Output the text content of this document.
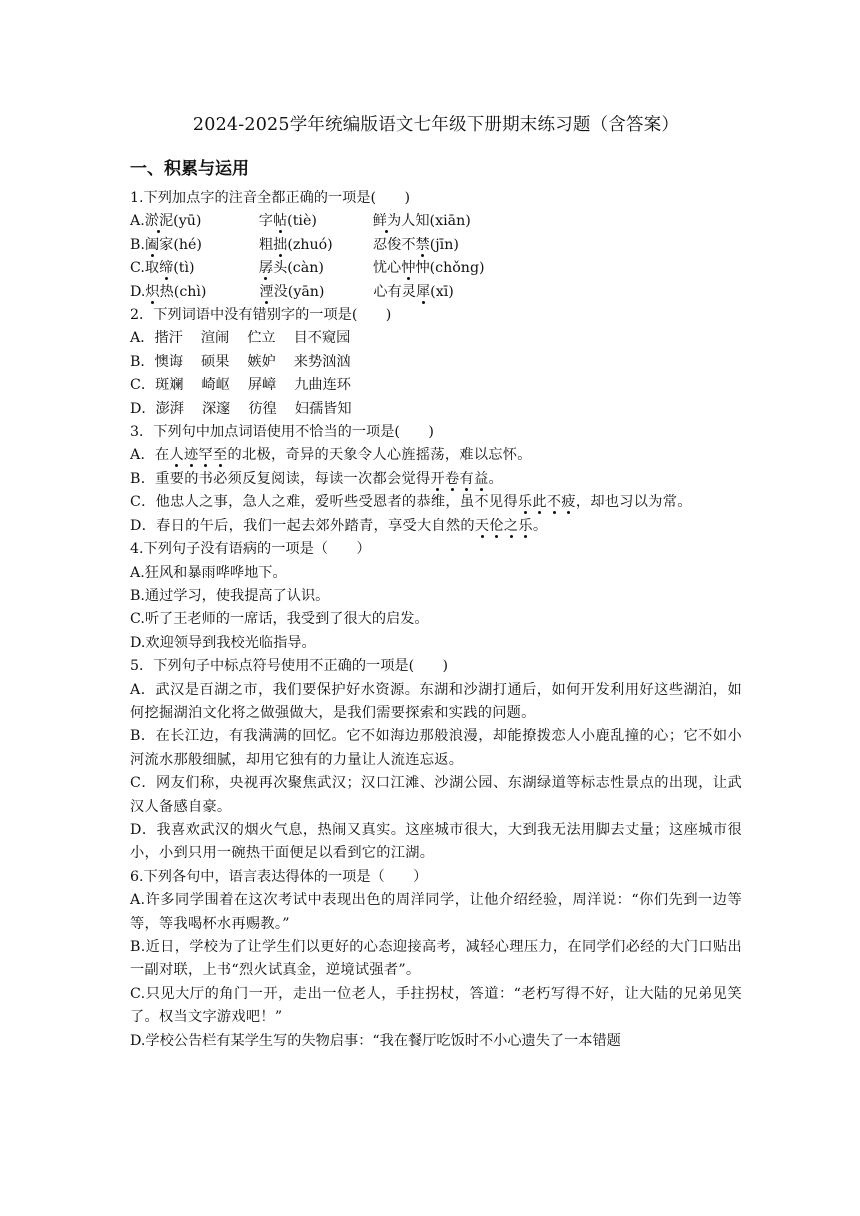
2024-2025学年统编版语文七年级下册期末练习题（含答案）
一、积累与运用
1.下列加点字的注音全都正确的一项是(　　)
A.淤泥(yū)	字帖(tiè)	鲜为人知(xiān)
B.阖家(hé)	粗拙(zhuó)	忍俊不禁(jīn)
C.取缔(tì)	孱头(càn)	忧心忡忡(chǒng)
D.炽热(chì)	湮没(yān)	心有灵犀(xī)
2．下列词语中没有错别字的一项是(　　)
A．揩汗 渲闹 伫立 目不窥园
B．懊诲 硕果 嫉妒 来势汹汹
C．斑斓 崎岖 屏嶂 九曲连环
D．澎湃 深邃 彷徨 妇孺皆知
3．下列句中加点词语使用不恰当的一项是(　　)
A．在人迹罕至的北极，奇异的天象令人心旌摇荡，难以忘怀。
B．重要的书必须反复阅读，每读一次都会觉得开卷有益。
C．他忠人之事，急人之难，爱听些受恩者的恭维，虽不见得乐此不疲，却也习以为常。
D．春日的午后，我们一起去郊外踏青，享受大自然的天伦之乐。
4.下列句子没有语病的一项是（　　）
A.狂风和暴雨哗哗地下。
B.通过学习，使我提高了认识。
C.听了王老师的一席话，我受到了很大的启发。
D.欢迎领导到我校光临指导。
5．下列句子中标点符号使用不正确的一项是(　　)
A．武汉是百湖之市，我们要保护好水资源。东湖和沙湖打通后，如何开发利用好这些湖泊，如何挖掘湖泊文化将之做强做大，是我们需要探索和实践的问题。
B．在长江边，有我满满的回忆。它不如海边那般浪漫，却能撩拨恋人小鹿乱撞的心；它不如小河流水那般细腻，却用它独有的力量让人流连忘返。
C．网友们称，央视再次聚焦武汉；汉口江滩、沙湖公园、东湖绿道等标志性景点的出现，让武汉人备感自豪。
D．我喜欢武汉的烟火气息，热闹又真实。这座城市很大，大到我无法用脚去丈量；这座城市很小，小到只用一碗热干面便足以看到它的江湖。
6.下列各句中，语言表达得体的一项是（　　）
A.许多同学围着在这次考试中表现出色的周洋同学，让他介绍经验，周洋说：“你们先到一边等等，等我喝杯水再赐教。”
B.近日，学校为了让学生们以更好的心态迎接高考，减轻心理压力，在同学们必经的大门口贴出一副对联，上书“烈火试真金，逆境试强者”。
C.只见大厅的角门一开，走出一位老人，手拄拐杖，答道：“老朽写得不好，让大陆的兄弟见笑了。权当文字游戏吧！”
D.学校公告栏有某学生写的失物启事：“我在餐厅吃饭时不小心遗失了一本错题
